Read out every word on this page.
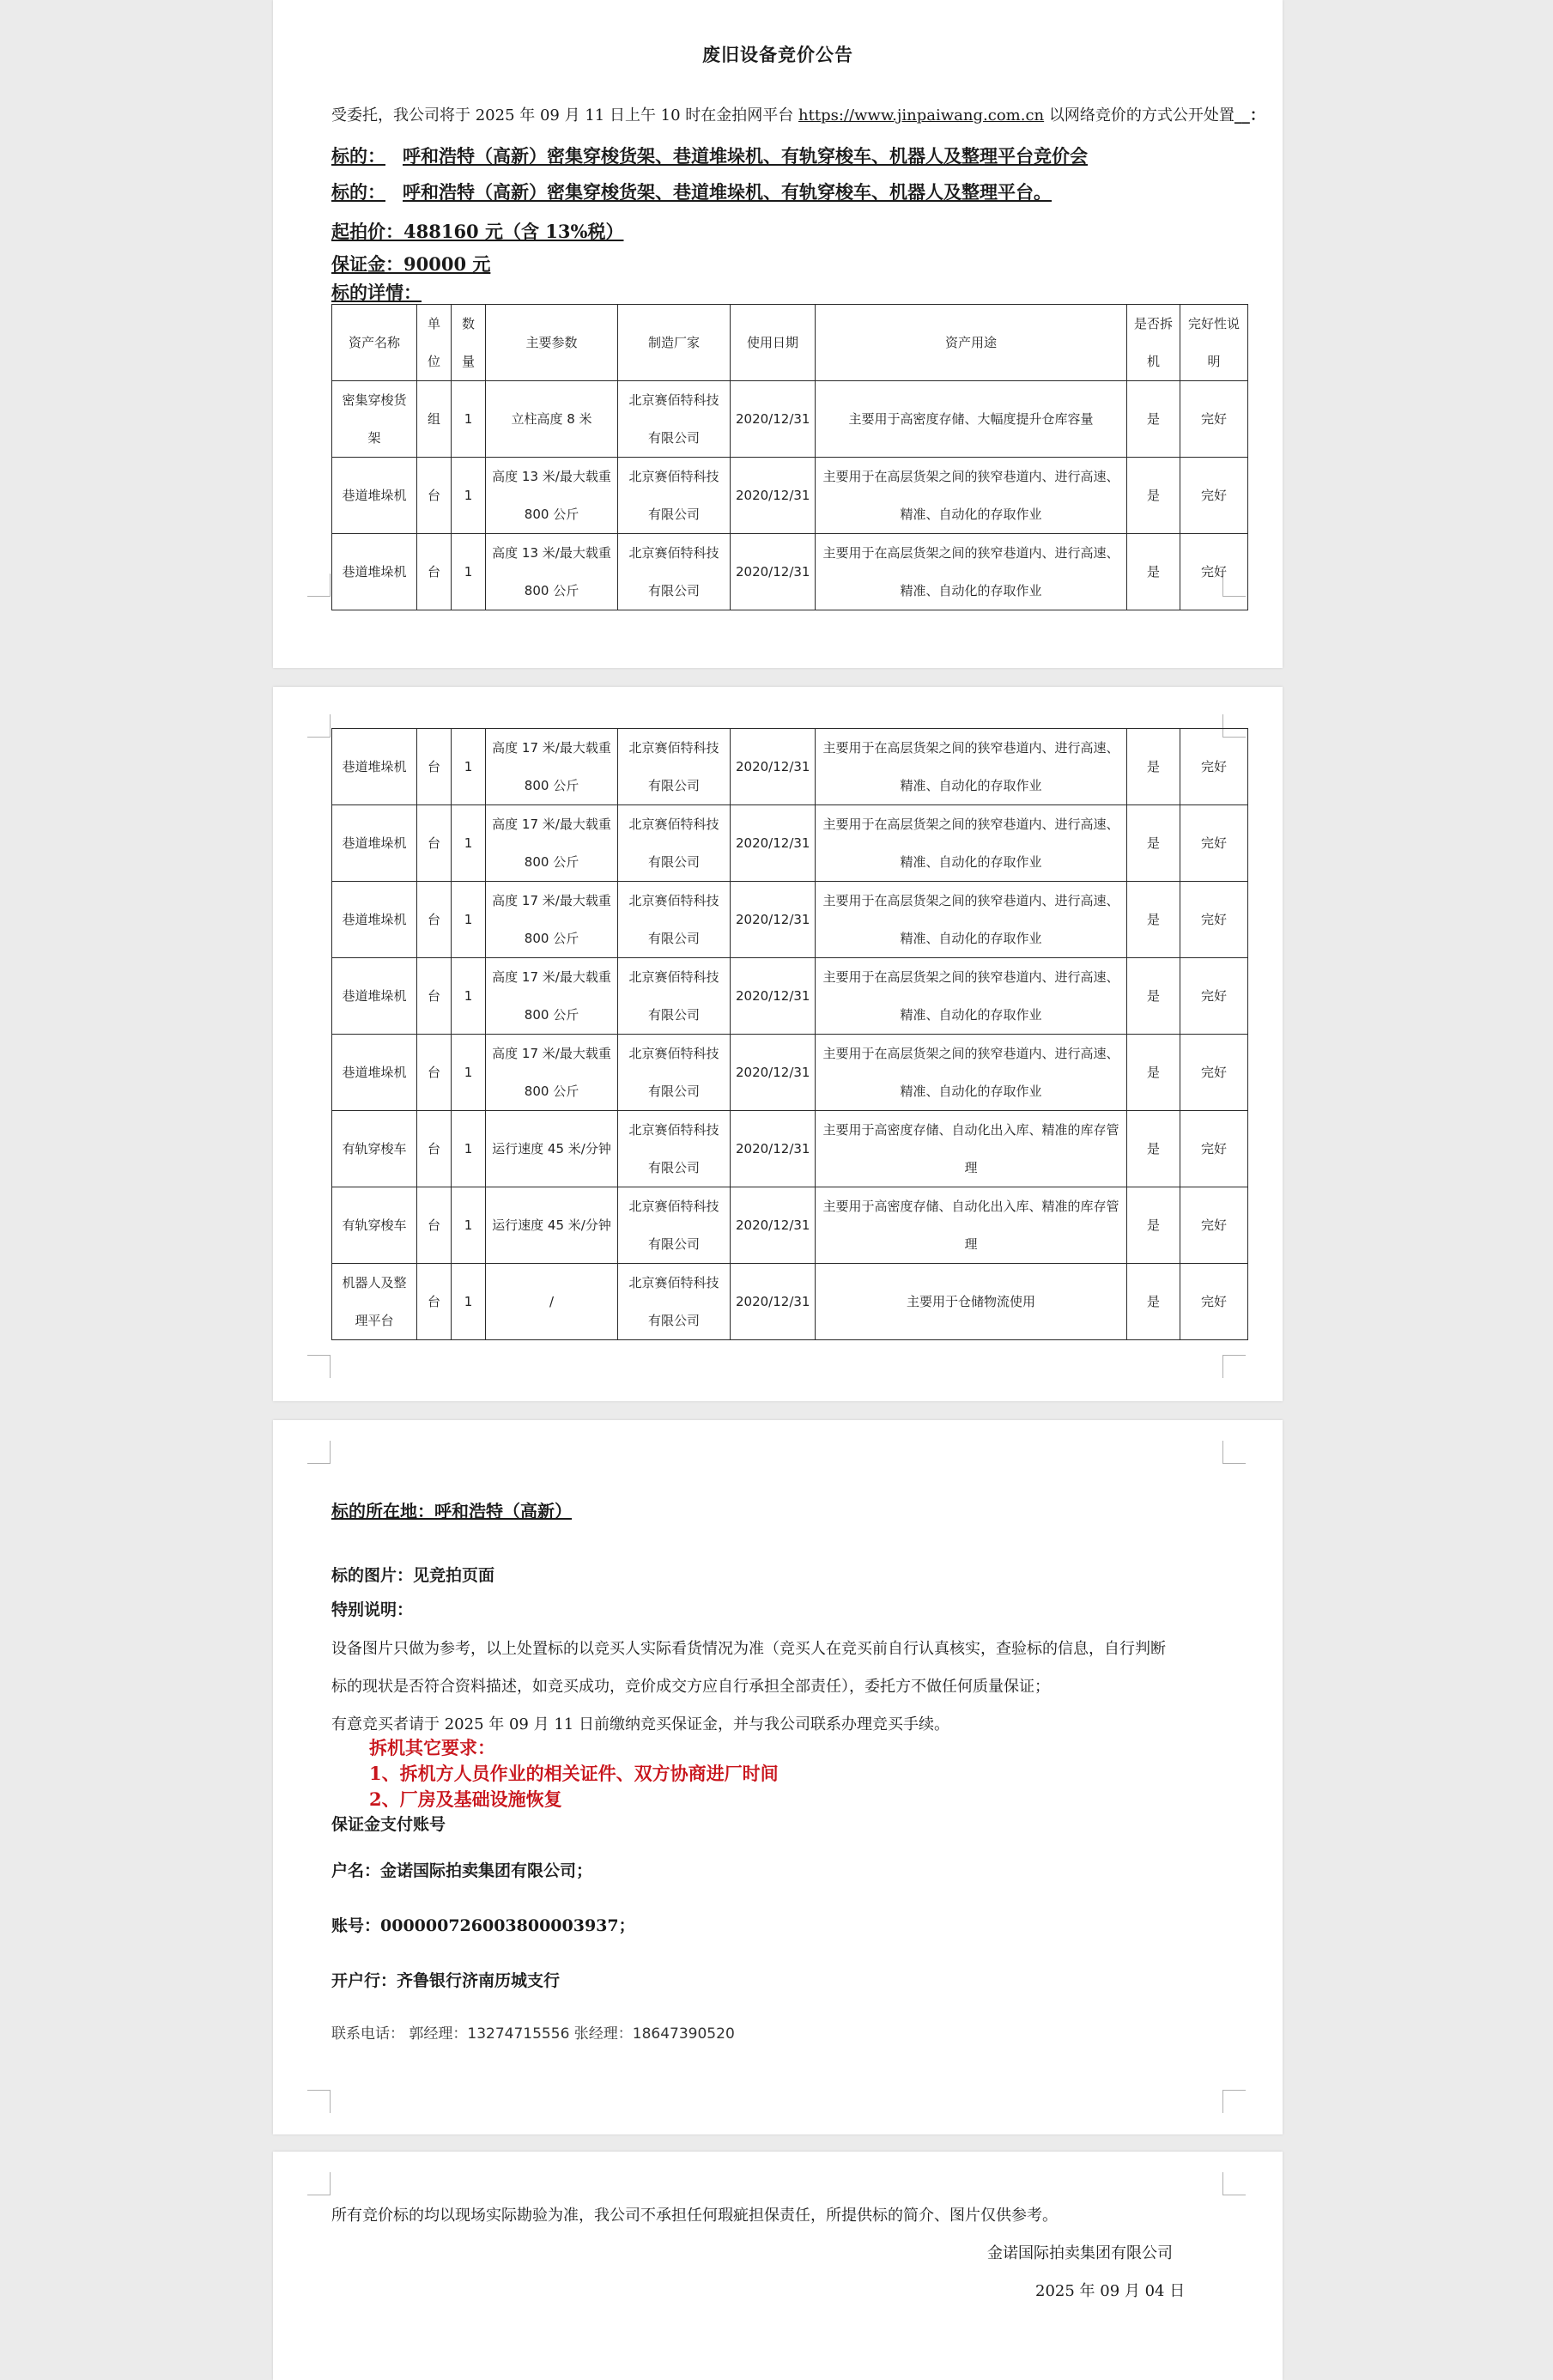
废旧设备竞价公告
受委托，我公司将于 2025 年 09 月 11 日上午 10 时在金拍网平台 https://www.jinpaiwang.com.cn 以网络竞价的方式公开处置__：
标的： 呼和浩特（高新）密集穿梭货架、巷道堆垛机、有轨穿梭车、机器人及整理平台竞价会
标的： 呼和浩特（高新）密集穿梭货架、巷道堆垛机、有轨穿梭车、机器人及整理平台。
起拍价：488160 元（含 13%税）
保证金：90000 元
标的详情：
资产名称	单位	数量	主要参数	制造厂家	使用日期	资产用途	是否拆机	完好性说明
密集穿梭货架	组	1	立柱高度 8 米	北京赛佰特科技有限公司	2020/12/31	主要用于高密度存储、大幅度提升仓库容量	是	完好
巷道堆垛机	台	1	高度 13 米/最大载重 800 公斤	北京赛佰特科技有限公司	2020/12/31	主要用于在高层货架之间的狭窄巷道内、进行高速、精准、自动化的存取作业	是	完好
巷道堆垛机	台	1	高度 13 米/最大载重 800 公斤	北京赛佰特科技有限公司	2020/12/31	主要用于在高层货架之间的狭窄巷道内、进行高速、精准、自动化的存取作业	是	完好
巷道堆垛机	台	1	高度 17 米/最大载重 800 公斤	北京赛佰特科技有限公司	2020/12/31	主要用于在高层货架之间的狭窄巷道内、进行高速、精准、自动化的存取作业	是	完好
巷道堆垛机	台	1	高度 17 米/最大载重 800 公斤	北京赛佰特科技有限公司	2020/12/31	主要用于在高层货架之间的狭窄巷道内、进行高速、精准、自动化的存取作业	是	完好
巷道堆垛机	台	1	高度 17 米/最大载重 800 公斤	北京赛佰特科技有限公司	2020/12/31	主要用于在高层货架之间的狭窄巷道内、进行高速、精准、自动化的存取作业	是	完好
巷道堆垛机	台	1	高度 17 米/最大载重 800 公斤	北京赛佰特科技有限公司	2020/12/31	主要用于在高层货架之间的狭窄巷道内、进行高速、精准、自动化的存取作业	是	完好
巷道堆垛机	台	1	高度 17 米/最大载重 800 公斤	北京赛佰特科技有限公司	2020/12/31	主要用于在高层货架之间的狭窄巷道内、进行高速、精准、自动化的存取作业	是	完好
有轨穿梭车	台	1	运行速度 45 米/分钟	北京赛佰特科技有限公司	2020/12/31	主要用于高密度存储、自动化出入库、精准的库存管理	是	完好
有轨穿梭车	台	1	运行速度 45 米/分钟	北京赛佰特科技有限公司	2020/12/31	主要用于高密度存储、自动化出入库、精准的库存管理	是	完好
机器人及整理平台	台	1	/	北京赛佰特科技有限公司	2020/12/31	主要用于仓储物流使用	是	完好
标的所在地：呼和浩特（高新）
标的图片：见竞拍页面
特别说明：
设备图片只做为参考，以上处置标的以竞买人实际看货情况为准（竞买人在竞买前自行认真核实，查验标的信息，自行判断
标的现状是否符合资料描述，如竞买成功，竞价成交方应自行承担全部责任），委托方不做任何质量保证；
有意竞买者请于 2025 年 09 月 11 日前缴纳竞买保证金，并与我公司联系办理竞买手续。
拆机其它要求：
1、拆机方人员作业的相关证件、双方协商进厂时间
2、厂房及基础设施恢复
保证金支付账号
户名：金诺国际拍卖集团有限公司；
账号：000000726003800003937；
开户行：齐鲁银行济南历城支行
联系电话： 郭经理：13274715556 张经理：18647390520
所有竞价标的均以现场实际勘验为准，我公司不承担任何瑕疵担保责任，所提供标的简介、图片仅供参考。
金诺国际拍卖集团有限公司
2025 年 09 月 04 日
